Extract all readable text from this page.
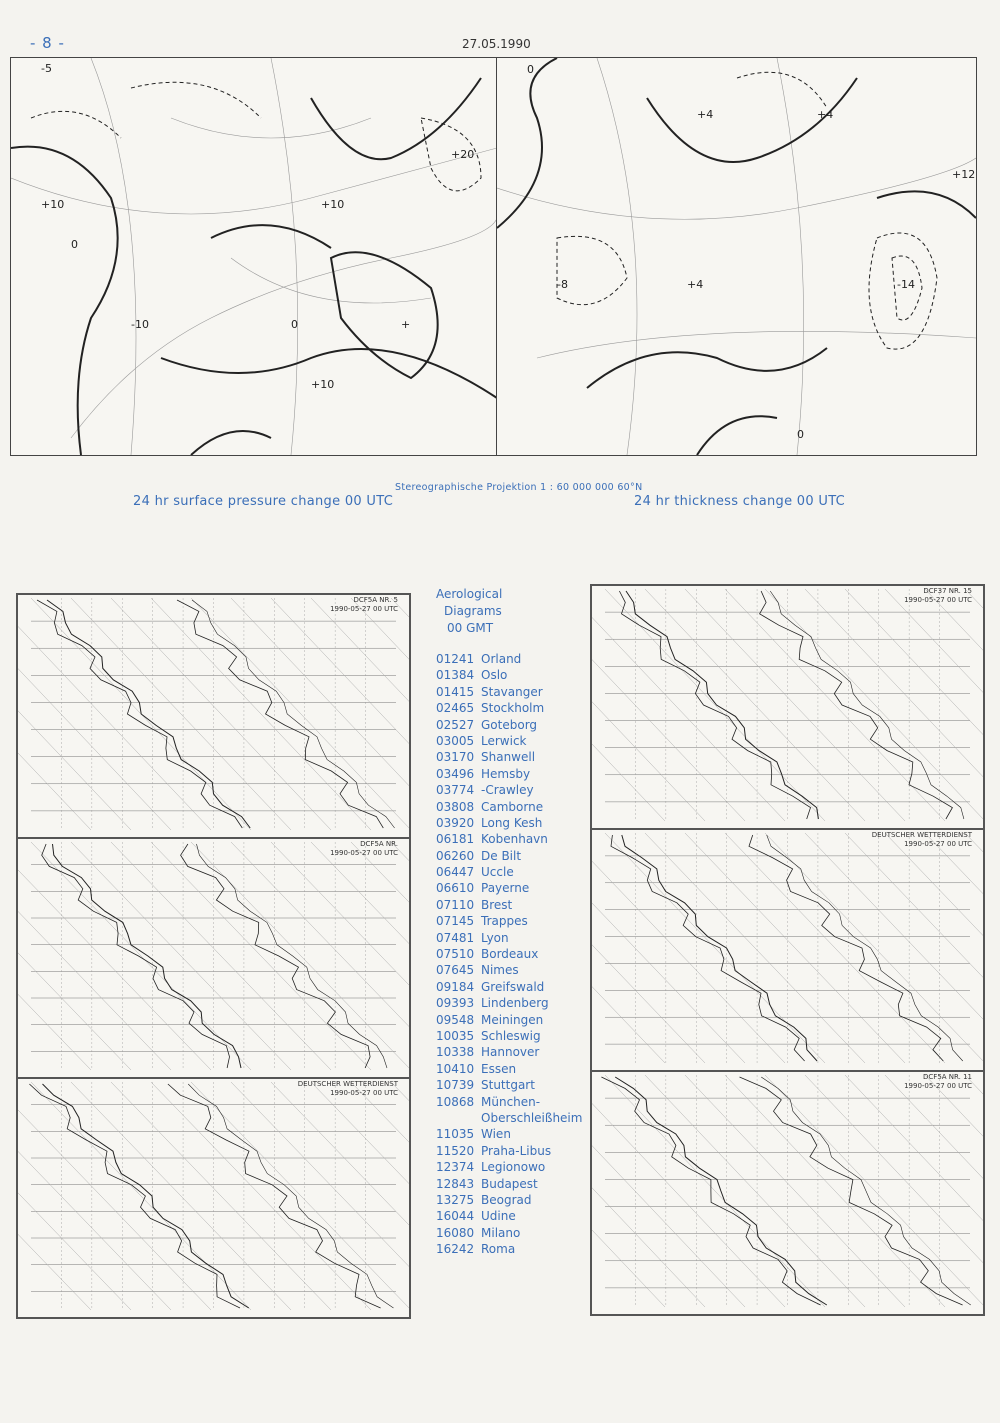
- 8 -	27.05.1990
-5
+10	+10
+
-10
+20
+10
0
0
0
+4
-14
+4
-8	+4
+12
0
Stereographische Projektion 1 : 60 000 000 60°N
24 hr surface pressure change 00 UTC	24 hr thickness change 00 UTC
DCF5A NR. 5
1990-05-27 00 UTC
DCF37 NR. 15
1990-05-27 00 UTC
DCF5A NR.
1990-05-27 00 UTC
DEUTSCHER WETTERDIENST
1990-05-27 00 UTC
DEUTSCHER WETTERDIENST
1990-05-27 00 UTC
DCF5A NR. 11
1990-05-27 00 UTC
Aerological
Diagrams
00 GMT
01241 Orland
01384 Oslo
01415 Stavanger
02465 Stockholm
02527 Goteborg
03005 Lerwick
03170 Shanwell
03496 Hemsby
03774 -Crawley
03808 Camborne
03920 Long Kesh
06181 Kobenhavn
06260 De Bilt
06447 Uccle
06610 Payerne
07110 Brest
07145 Trappes
07481 Lyon
07510 Bordeaux
07645 Nimes
09184 Greifswald
09393 Lindenberg
09548 Meiningen
10035 Schleswig
10338 Hannover
10410 Essen
10739 Stuttgart
10868 München-
Oberschleißheim
11035 Wien
11520 Praha-Libus
12374 Legionowo
12843 Budapest
13275 Beograd
16044 Udine
16080 Milano
16242 Roma
